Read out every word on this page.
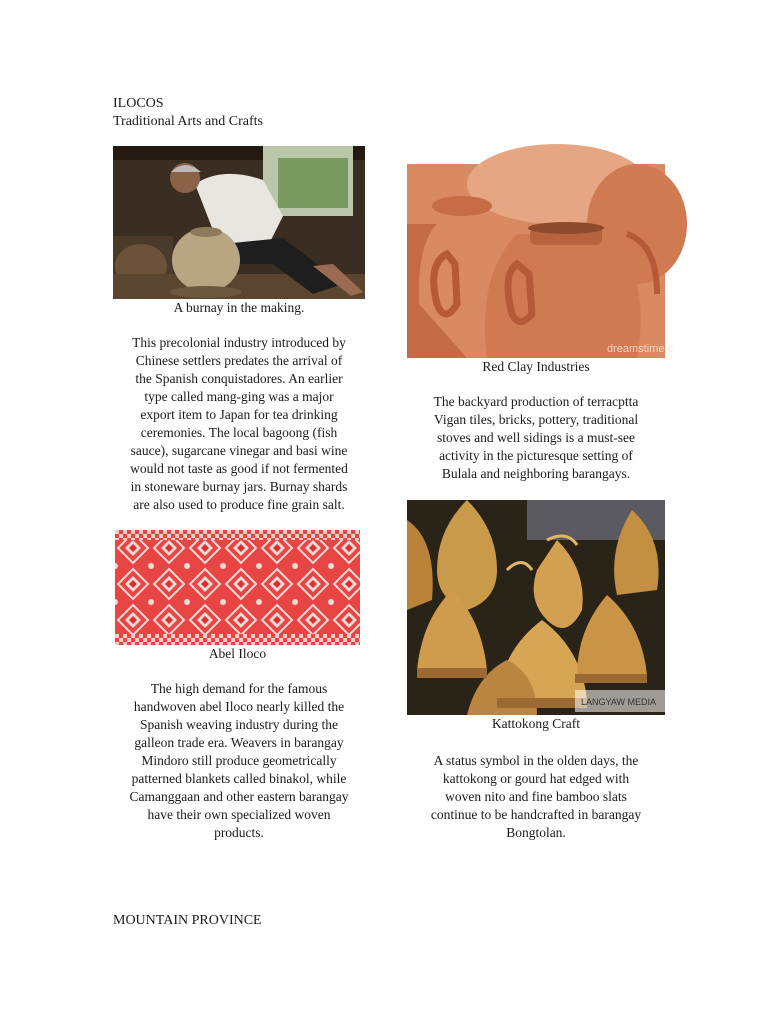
ILOCOS
Traditional Arts and Crafts
A burnay in the making.
This precolonial industry introduced by
Chinese settlers predates the arrival of
the Spanish conquistadores. An earlier
type called mang-ging was a major
export item to Japan for tea drinking
ceremonies. The local bagoong (fish
sauce), sugarcane vinegar and basi wine
would not taste as good if not fermented
in stoneware burnay jars. Burnay shards
are also used to produce fine grain salt.
Abel Iloco
The high demand for the famous
handwoven abel Iloco nearly killed the
Spanish weaving industry during the
galleon trade era. Weavers in barangay
Mindoro still produce geometrically
patterned blankets called binakol, while
Camanggaan and other eastern barangay
have their own specialized woven
products.
dreamstime.c
Red Clay Industries
The backyard production of terracptta
Vigan tiles, bricks, pottery, traditional
stoves and well sidings is a must-see
activity in the picturesque setting of
Bulala and neighboring barangays.
LANGYAW MEDIA
Kattokong Craft
A status symbol in the olden days, the
kattokong or gourd hat edged with
woven nito and fine bamboo slats
continue to be handcrafted in barangay
Bongtolan.
MOUNTAIN PROVINCE
